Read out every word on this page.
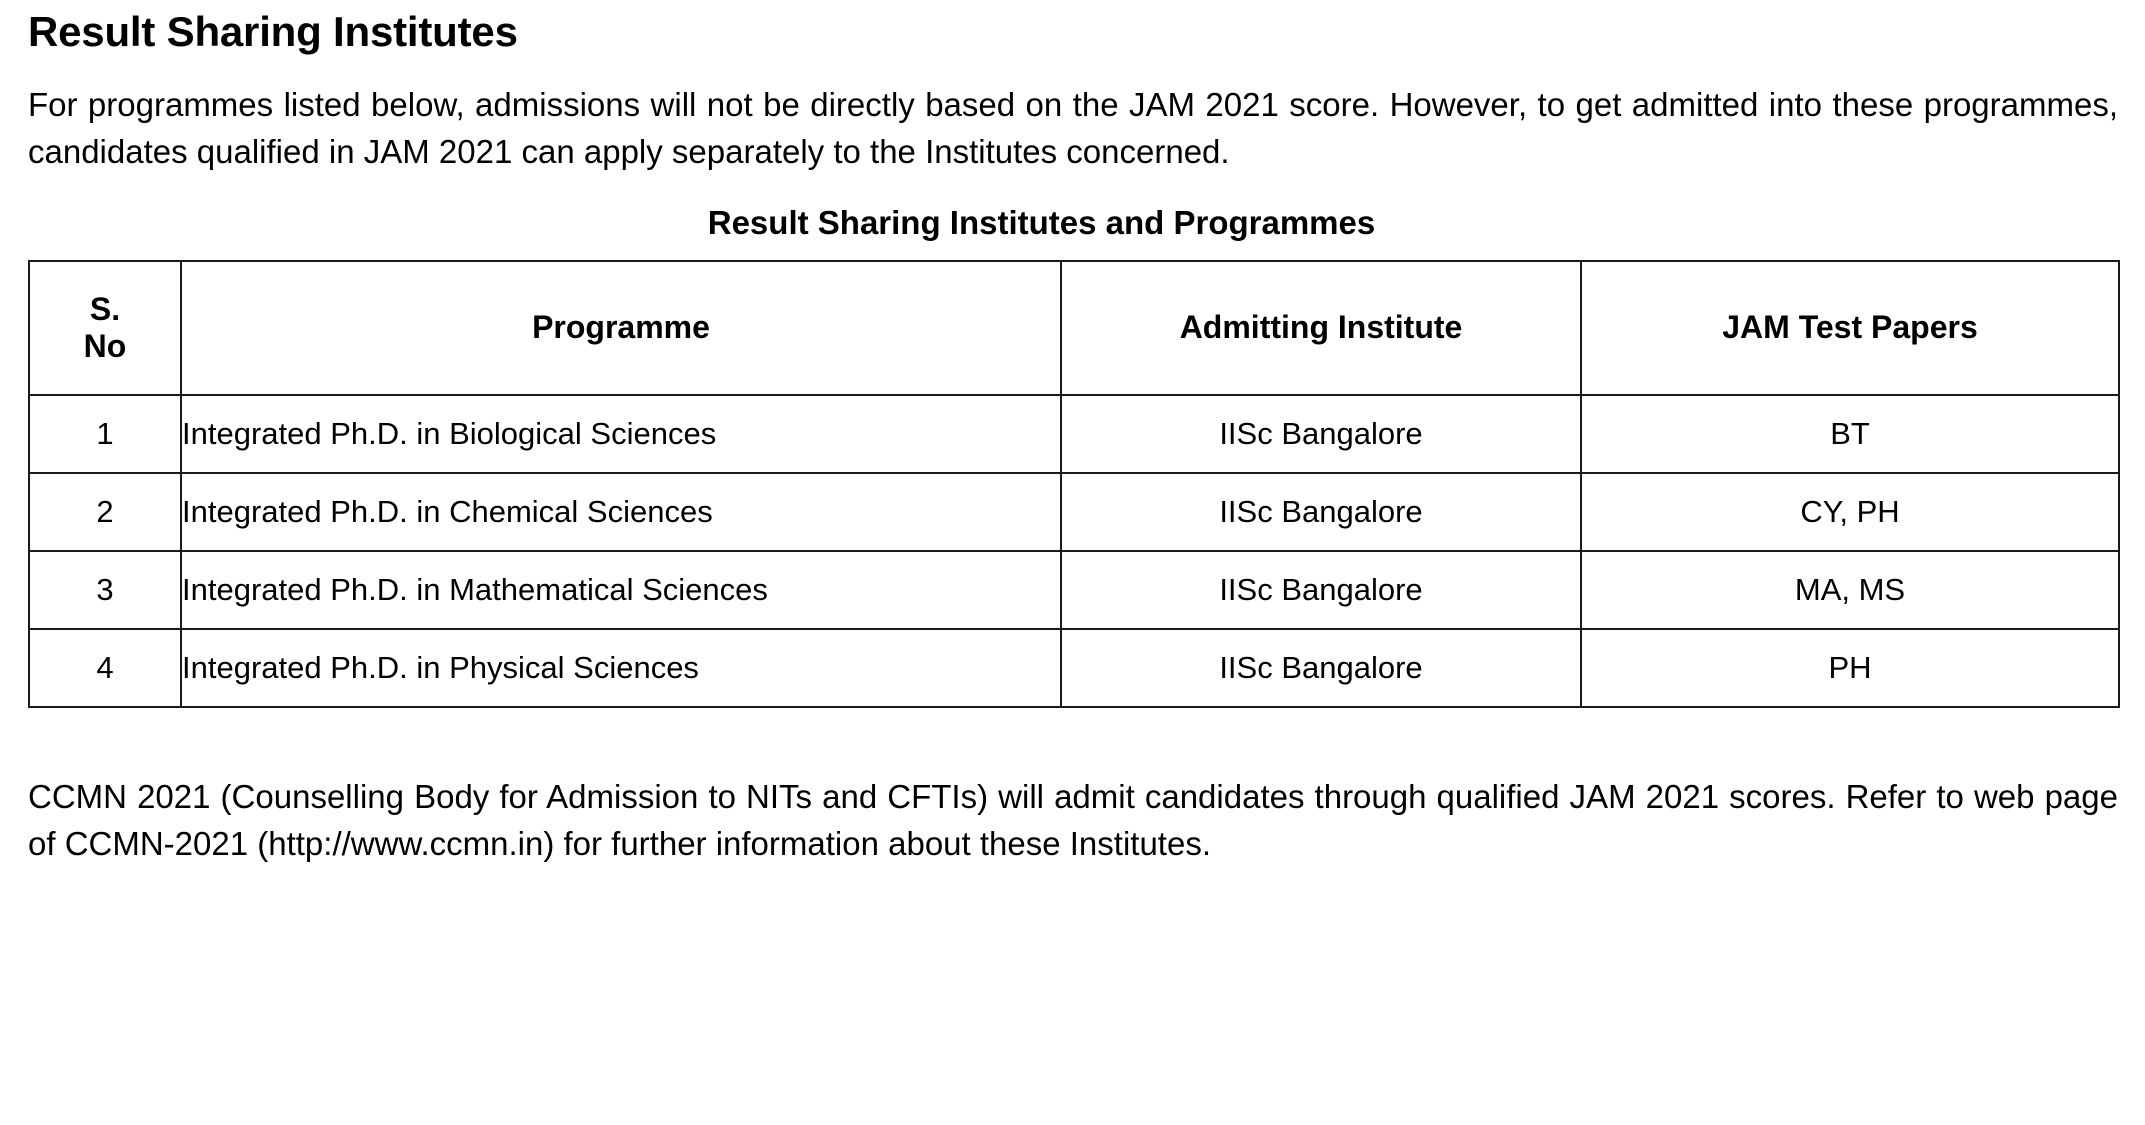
Result Sharing Institutes

For programmes listed below, admissions will not be directly based on the JAM 2021 score. However, to get admitted into these programmes, candidates qualified in JAM 2021 can apply separately to the Institutes concerned.

Result Sharing Institutes and Programmes
S.
No	Programme	Admitting Institute	JAM Test Papers
1	Integrated Ph.D. in Biological Sciences	IISc Bangalore	BT
2	Integrated Ph.D. in Chemical Sciences	IISc Bangalore	CY, PH
3	Integrated Ph.D. in Mathematical Sciences	IISc Bangalore	MA, MS
4	Integrated Ph.D. in Physical Sciences	IISc Bangalore	PH

CCMN 2021 (Counselling Body for Admission to NITs and CFTIs) will admit candidates through qualified JAM 2021 scores. Refer to web page of CCMN-2021 (http://www.ccmn.in) for further information about these Institutes.
